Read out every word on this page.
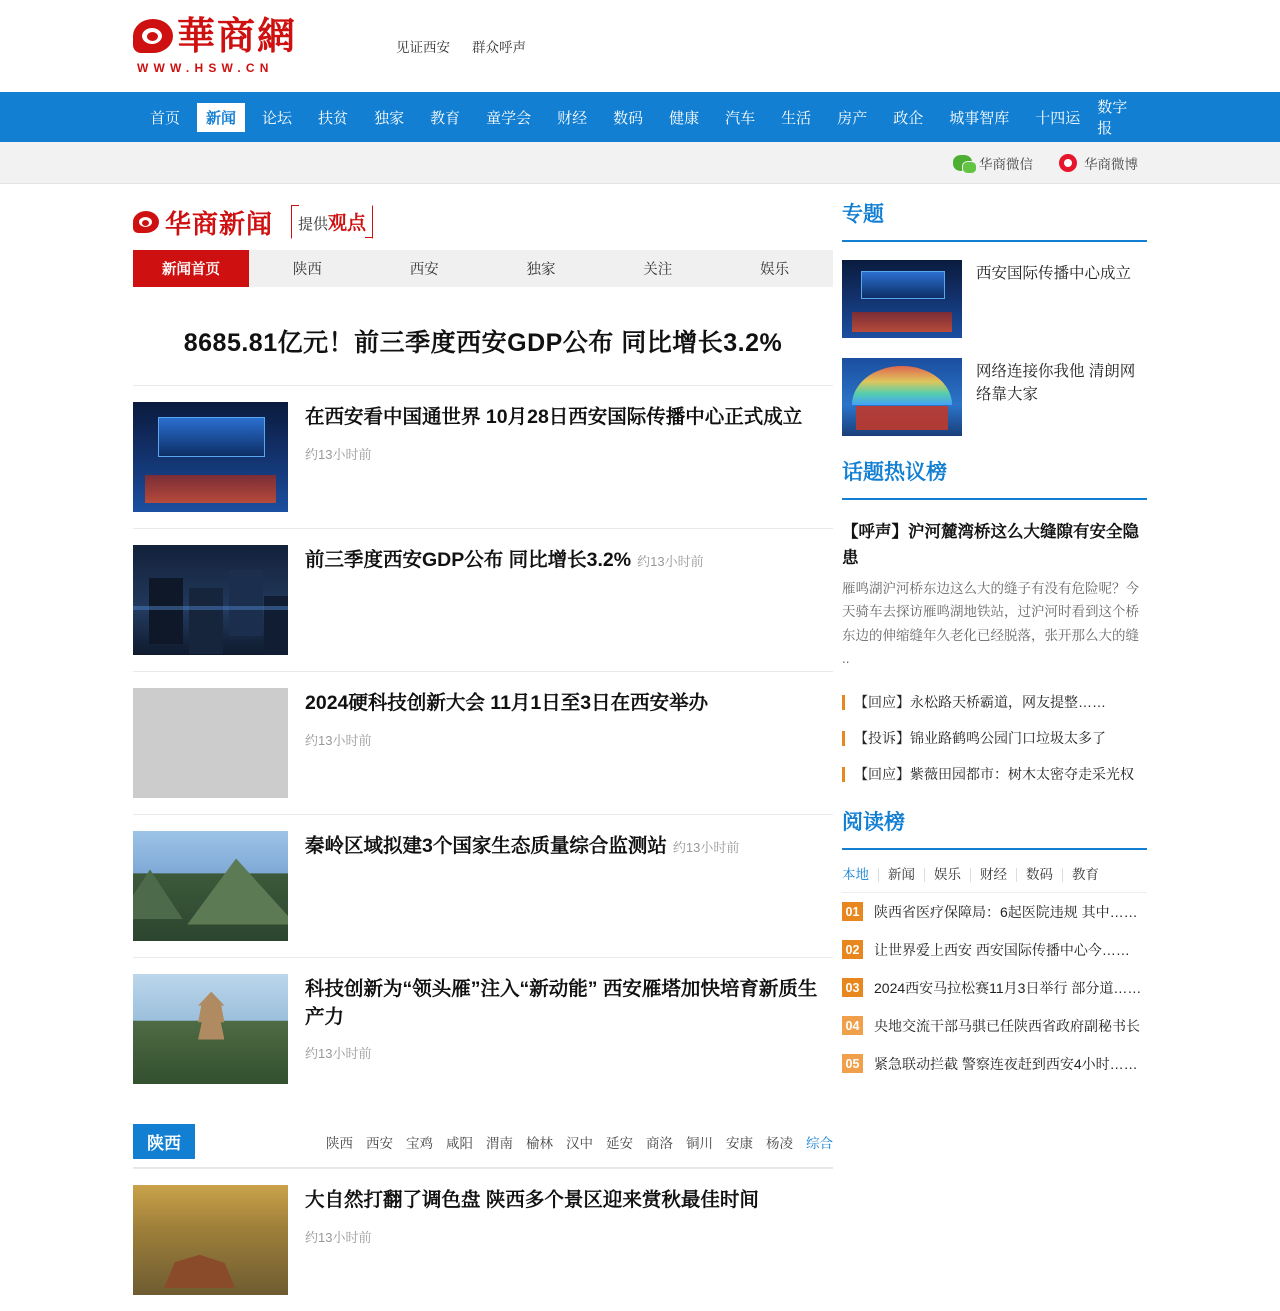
華商網
WWW.HSW.CN
见证西安 群众呼声
首页	新闻	论坛	扶贫	独家	教育	童学会	财经	数码	健康	汽车	生活	房产	政企	城事智库	十四运
数字报
华商微信	华商微博
华商新闻	提供观点
新闻首页	陕西	西安	独家	关注	娱乐
8685.81亿元！前三季度西安GDP公布 同比增长3.2%
在西安看中国通世界 10月28日西安国际传播中心正式成立
约13小时前
前三季度西安GDP公布 同比增长3.2% 约13小时前
2024硬科技创新大会 11月1日至3日在西安举办
约13小时前
秦岭区域拟建3个国家生态质量综合监测站 约13小时前
科技创新为“领头雁”注入“新动能” 西安雁塔加快培育新质生产力
约13小时前
陕西	陕西 西安 宝鸡 咸阳 渭南 榆林 汉中 延安 商洛 铜川 安康 杨凌 综合
大自然打翻了调色盘 陕西多个景区迎来赏秋最佳时间
约13小时前
专题
西安国际传播中心成立
网络连接你我他 清朗网络靠大家
话题热议榜
【呼声】沪河麓湾桥这么大缝隙有安全隐患
雁鸣湖沪河桥东边这么大的缝子有没有危险呢？今天骑车去探访雁鸣湖地铁站，过沪河时看到这个桥东边的伸缩缝年久老化已经脱落，张开那么大的缝 ..
【回应】永松路天桥霸道，网友提整……
【投诉】锦业路鹤鸣公园门口垃圾太多了
【回应】紫薇田园都市：树木太密夺走采光权
阅读榜
本地	新闻	娱乐	财经	数码	教育
01 陕西省医疗保障局：6起医院违规 其中……
02 让世界爱上西安 西安国际传播中心今……
03 2024西安马拉松赛11月3日举行 部分道……
04 央地交流干部马骐已任陕西省政府副秘书长
05 紧急联动拦截 警察连夜赶到西安4小时……
